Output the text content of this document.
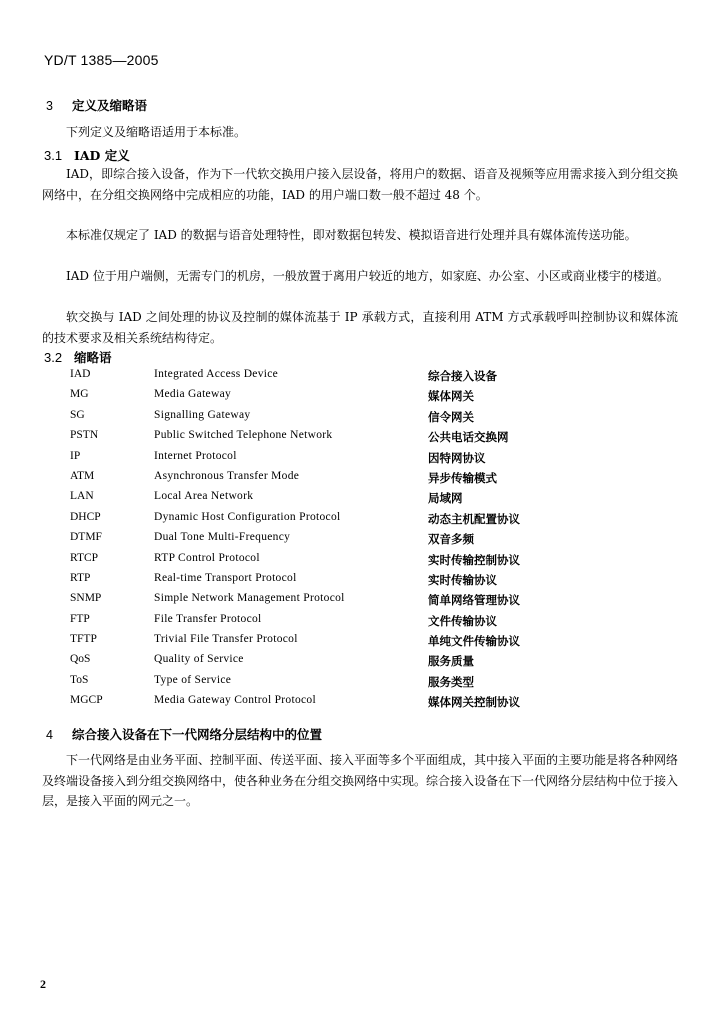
YD/T 1385—2005
3 定义及缩略语
下列定义及缩略语适用于本标准。
3.1 IAD 定义
IAD，即综合接入设备，作为下一代软交换用户接入层设备，将用户的数据、语音及视频等应用需求接入到分组交换网络中，在分组交换网络中完成相应的功能，IAD 的用户端口数一般不超过 48 个。
本标准仅规定了 IAD 的数据与语音处理特性，即对数据包转发、模拟语音进行处理并具有媒体流传送功能。
IAD 位于用户端侧，无需专门的机房，一般放置于离用户较近的地方，如家庭、办公室、小区或商业楼宇的楼道。
软交换与 IAD 之间处理的协议及控制的媒体流基于 IP 承载方式，直接利用 ATM 方式承载呼叫控制协议和媒体流的技术要求及相关系统结构待定。
3.2 缩略语
IAD	Integrated Access Device	综合接入设备
MG	Media Gateway	媒体网关
SG	Signalling Gateway	信令网关
PSTN	Public Switched Telephone Network	公共电话交换网
IP	Internet Protocol	因特网协议
ATM	Asynchronous Transfer Mode	异步传输模式
LAN	Local Area Network	局域网
DHCP	Dynamic Host Configuration Protocol	动态主机配置协议
DTMF	Dual Tone Multi-Frequency	双音多频
RTCP	RTP Control Protocol	实时传输控制协议
RTP	Real-time Transport Protocol	实时传输协议
SNMP	Simple Network Management Protocol	简单网络管理协议
FTP	File Transfer Protocol	文件传输协议
TFTP	Trivial File Transfer Protocol	单纯文件传输协议
QoS	Quality of Service	服务质量
ToS	Type of Service	服务类型
MGCP	Media Gateway Control Protocol	媒体网关控制协议
4 综合接入设备在下一代网络分层结构中的位置
下一代网络是由业务平面、控制平面、传送平面、接入平面等多个平面组成，其中接入平面的主要功能是将各种网络及终端设备接入到分组交换网络中，使各种业务在分组交换网络中实现。综合接入设备在下一代网络分层结构中位于接入层，是接入平面的网元之一。
2
